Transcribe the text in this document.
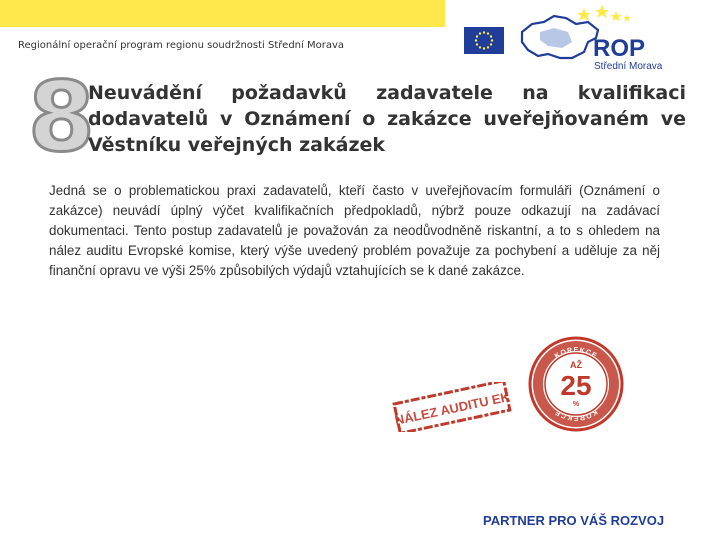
Regionální operační program regionu soudržnosti Střední Morava	ROP
Střední Morava
8
Neuvádění požadavků zadavatele na kvalifikaci dodavatelů v Oznámení o zakázce uveřejňovaném ve Věstníku veřejných zakázek
Jedná se o problematickou praxi zadavatelů, kteří často v uveřejňovacím formuláři (Oznámení o zakázce) neuvádí úplný výčet kvalifikačních předpokladů, nýbrž pouze odkazují na zadávací dokumentaci. Tento postup zadavatelů je považován za neodůvodněně riskantní, a to s ohledem na nález auditu Evropské komise, který výše uvedený problém považuje za pochybení a uděluje za něj finanční opravu ve výši 25% způsobilých výdajů vztahujících se k dané zakázce.
NÁLEZ AUDITU EK
KOREKCE
KOREKCE
AŽ
25
%
PARTNER PRO VÁŠ ROZVOJ
